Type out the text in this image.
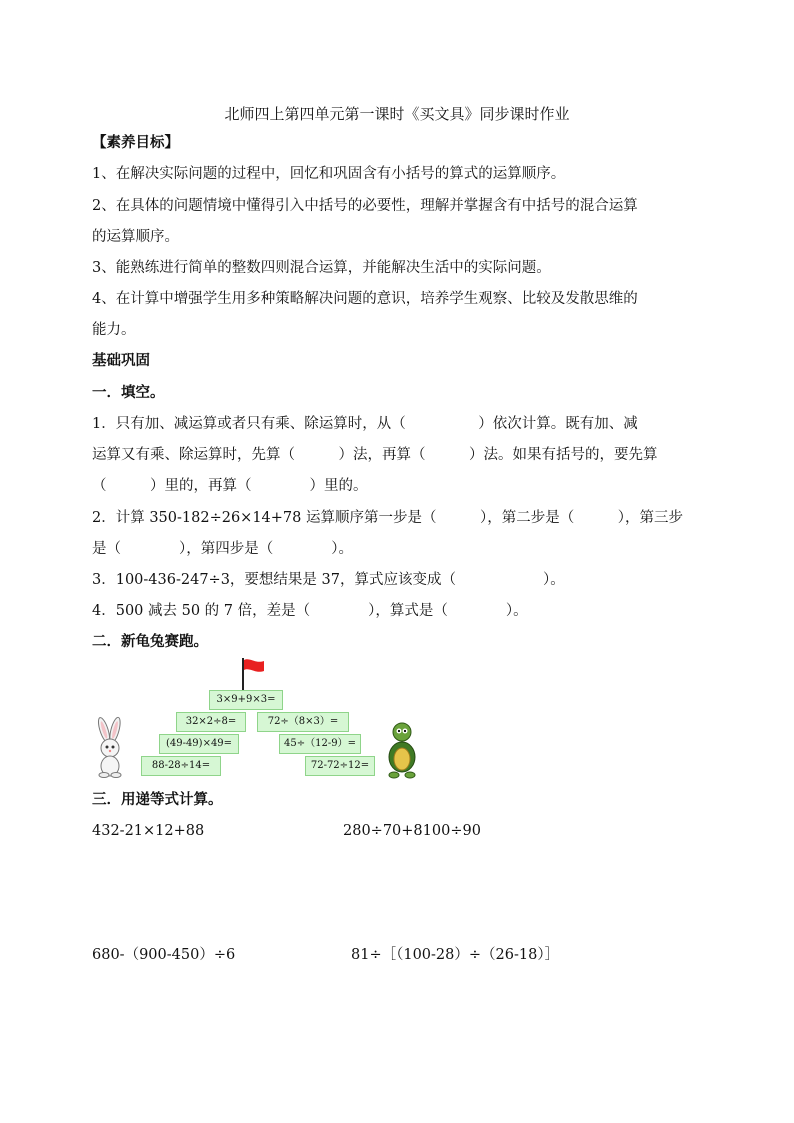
北师四上第四单元第一课时《买文具》同步课时作业
【素养目标】
1、在解决实际问题的过程中，回忆和巩固含有小括号的算式的运算顺序。
2、在具体的问题情境中懂得引入中括号的必要性，理解并掌握含有中括号的混合运算
的运算顺序。
3、能熟练进行简单的整数四则混合运算，并能解决生活中的实际问题。
4、在计算中增强学生用多种策略解决问题的意识，培养学生观察、比较及发散思维的
能力。
基础巩固
一．填空。
1．只有加、减运算或者只有乘、除运算时，从（　　　　　）依次计算。既有加、减
运算又有乘、除运算时，先算（　　　）法，再算（　　　）法。如果有括号的，要先算
（　　　）里的，再算（　　　　）里的。
2．计算 350-182÷26×14+78 运算顺序第一步是（　　　），第二步是（　　　），第三步
是（　　　　），第四步是（　　　　）。
3．100-436-247÷3，要想结果是 37，算式应该变成（　　　　　　）。
4．500 减去 50 的 7 倍，差是（　　　　），算式是（　　　　）。
二．新龟兔赛跑。
3×9+9×3=
32×2÷8=	72÷（8×3）=
(49-49)×49=	45÷（12-9）=
88-28÷14=	72-72÷12=
三．用递等式计算。
432-21×12+88	280÷70+8100÷90
680-（900-450）÷6	81÷［（100-28）÷（26-18）］
